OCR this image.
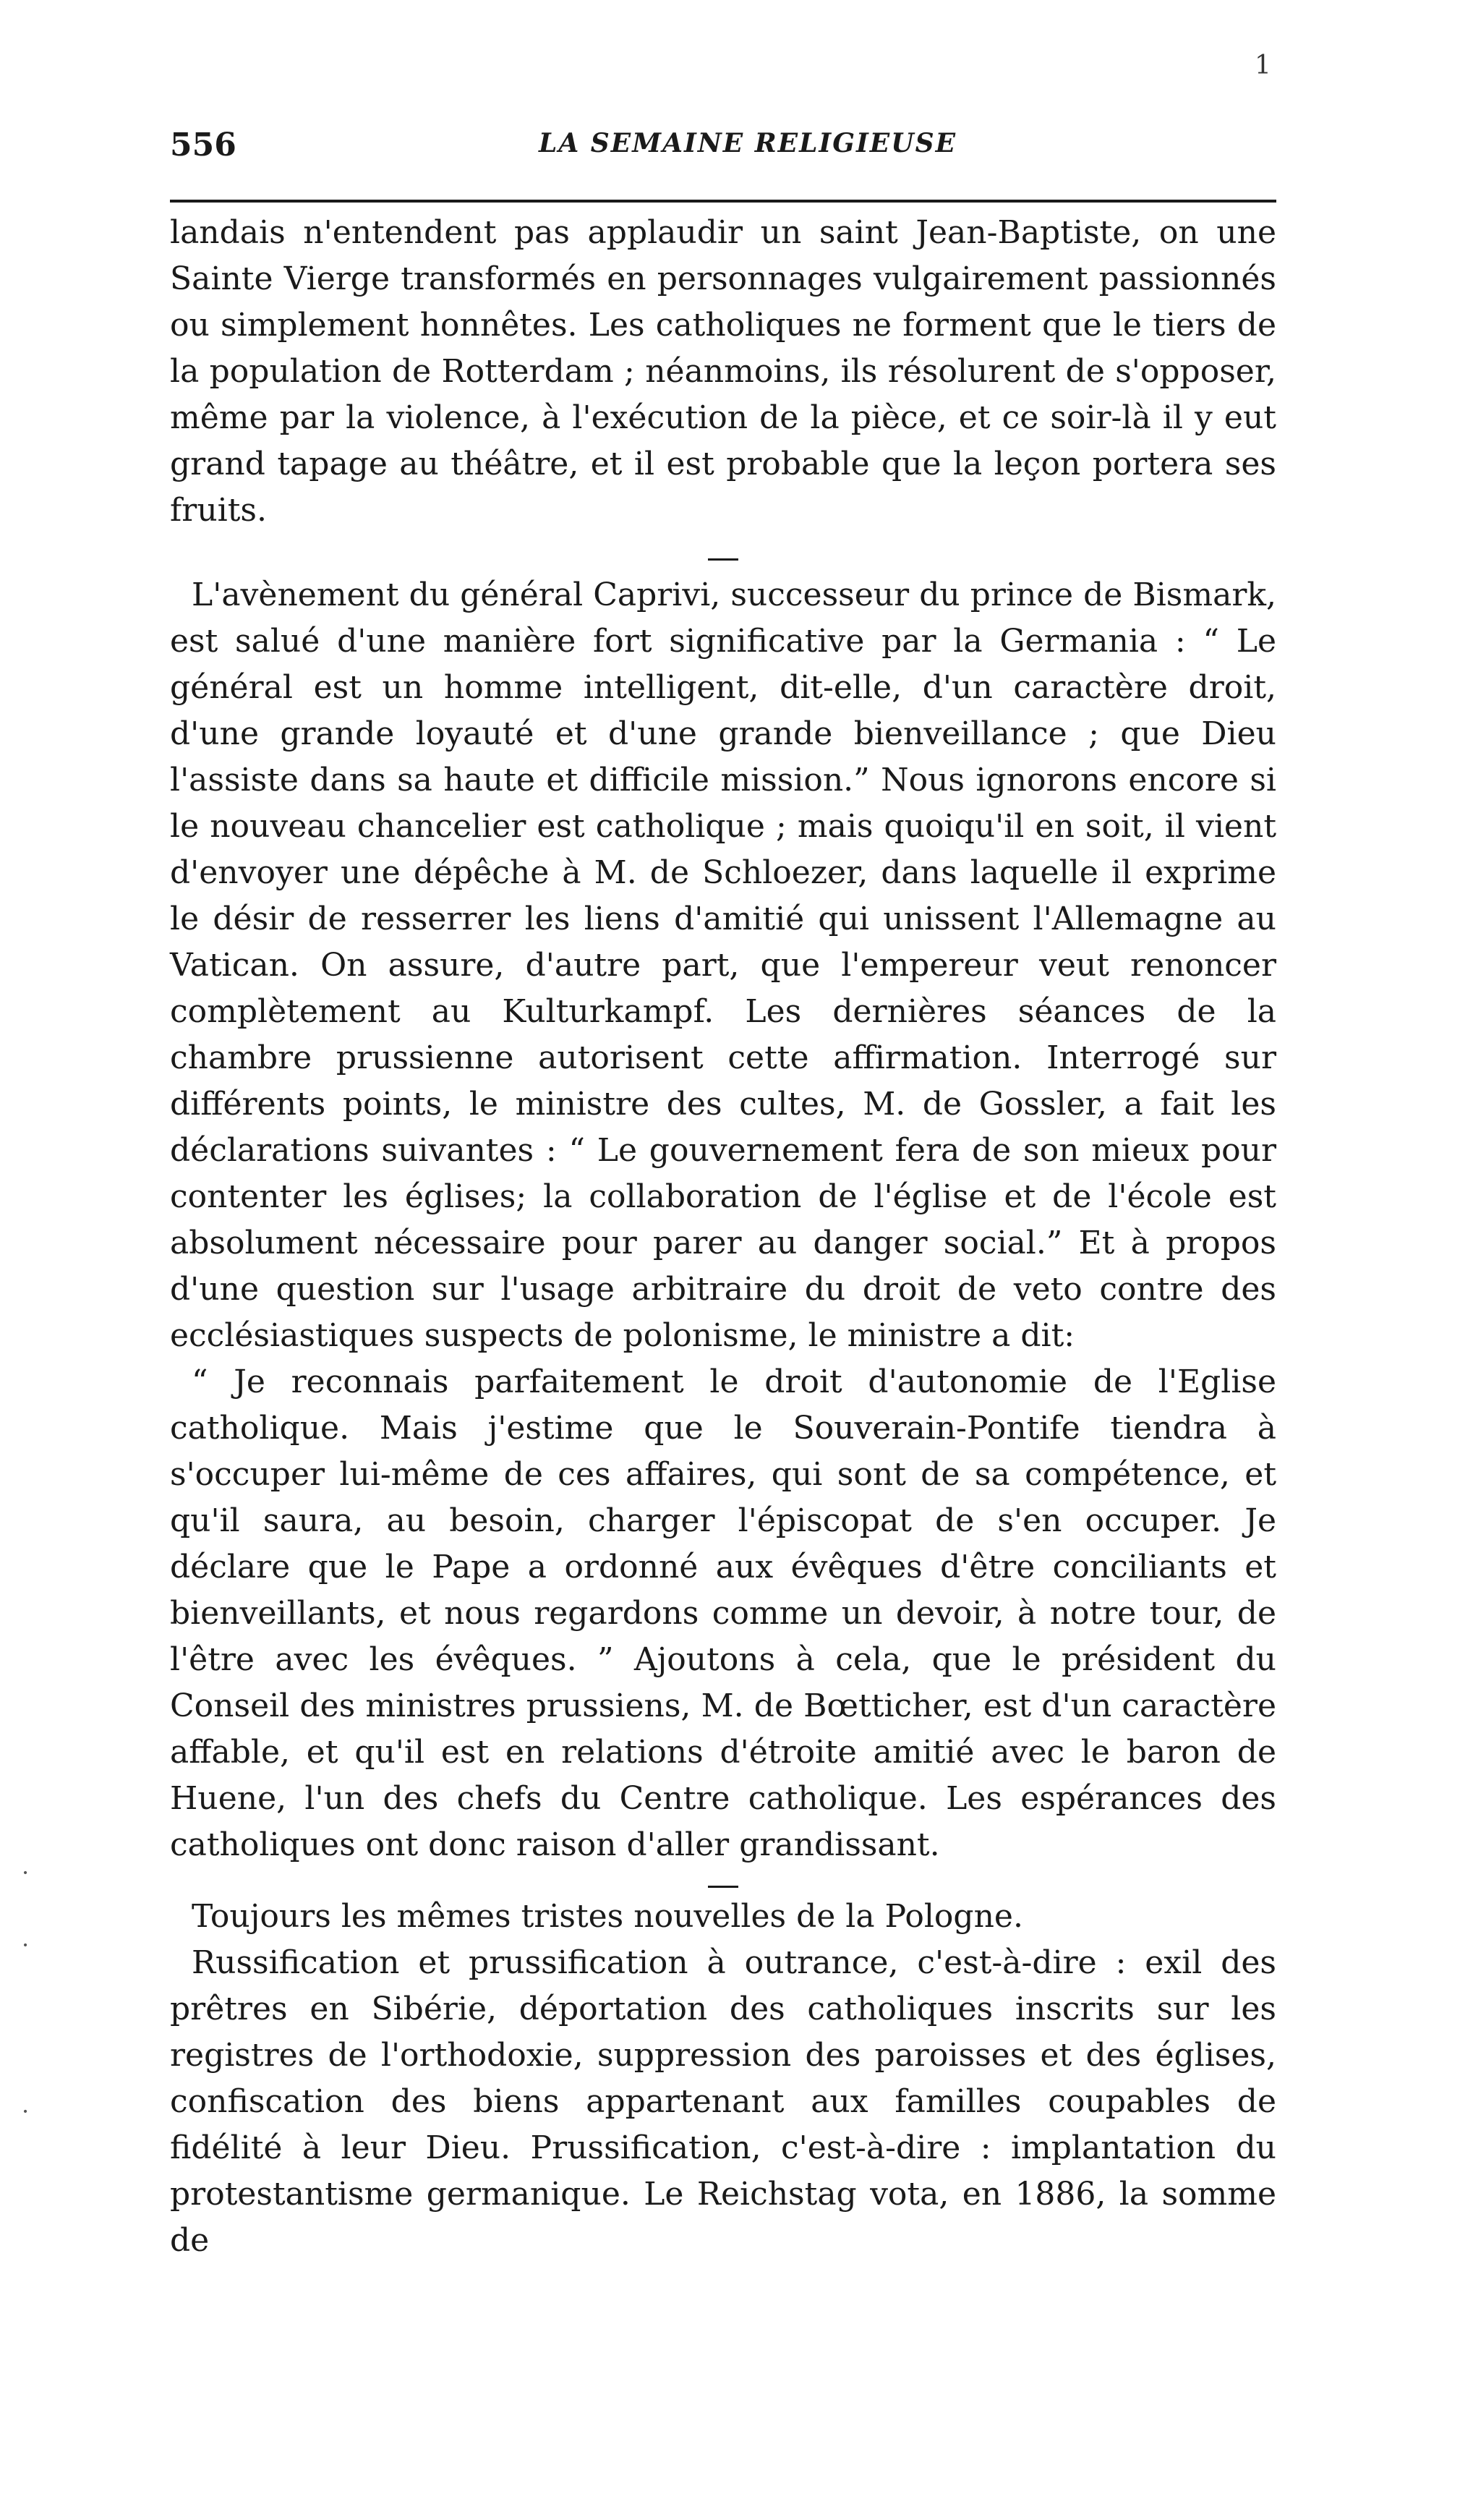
1
556	LA SEMAINE RELIGIEUSE

landais n'entendent pas applaudir un saint Jean-Baptiste, on une Sainte Vierge transformés en personnages vulgairement passionnés ou simplement honnêtes. Les catholiques ne forment que le tiers de la population de Rotterdam ; néanmoins, ils résolurent de s'opposer, même par la violence, à l'exécution de la pièce, et ce soir-là il y eut grand tapage au théâtre, et il est probable que la leçon portera ses fruits.

L'avènement du général Caprivi, successeur du prince de Bismark, est salué d'une manière fort significative par la Germania : “ Le général est un homme intelligent, dit-elle, d'un caractère droit, d'une grande loyauté et d'une grande bienveillance ; que Dieu l'assiste dans sa haute et difficile mission.” Nous ignorons encore si le nouveau chancelier est catholique ; mais quoiqu'il en soit, il vient d'envoyer une dépêche à M. de Schloezer, dans laquelle il exprime le désir de resserrer les liens d'amitié qui unissent l'Allemagne au Vatican. On assure, d'autre part, que l'empereur veut renoncer complètement au Kulturkampf. Les dernières séances de la chambre prussienne autorisent cette affirmation. Interrogé sur différents points, le ministre des cultes, M. de Gossler, a fait les déclarations suivantes : “ Le gouvernement fera de son mieux pour contenter les églises; la collaboration de l'église et de l'école est absolument nécessaire pour parer au danger social.” Et à propos d'une question sur l'usage arbitraire du droit de veto contre des ecclésiastiques suspects de polonisme, le ministre a dit:

“ Je reconnais parfaitement le droit d'autonomie de l'Eglise catholique. Mais j'estime que le Souverain-Pontife tiendra à s'occuper lui-même de ces affaires, qui sont de sa compétence, et qu'il saura, au besoin, charger l'épiscopat de s'en occuper. Je déclare que le Pape a ordonné aux évêques d'être conciliants et bienveillants, et nous regardons comme un devoir, à notre tour, de l'être avec les évêques. ” Ajoutons à cela, que le président du Conseil des ministres prussiens, M. de Bœtticher, est d'un caractère affable, et qu'il est en relations d'étroite amitié avec le baron de Huene, l'un des chefs du Centre catholique. Les espérances des catholiques ont donc raison d'aller grandissant.

Toujours les mêmes tristes nouvelles de la Pologne.

Russification et prussification à outrance, c'est-à-dire : exil des prêtres en Sibérie, déportation des catholiques inscrits sur les registres de l'orthodoxie, suppression des paroisses et des églises, confiscation des biens appartenant aux familles coupables de fidélité à leur Dieu. Prussification, c'est-à-dire : implantation du protestantisme germanique. Le Reichstag vota, en 1886, la somme de

·
·
·
